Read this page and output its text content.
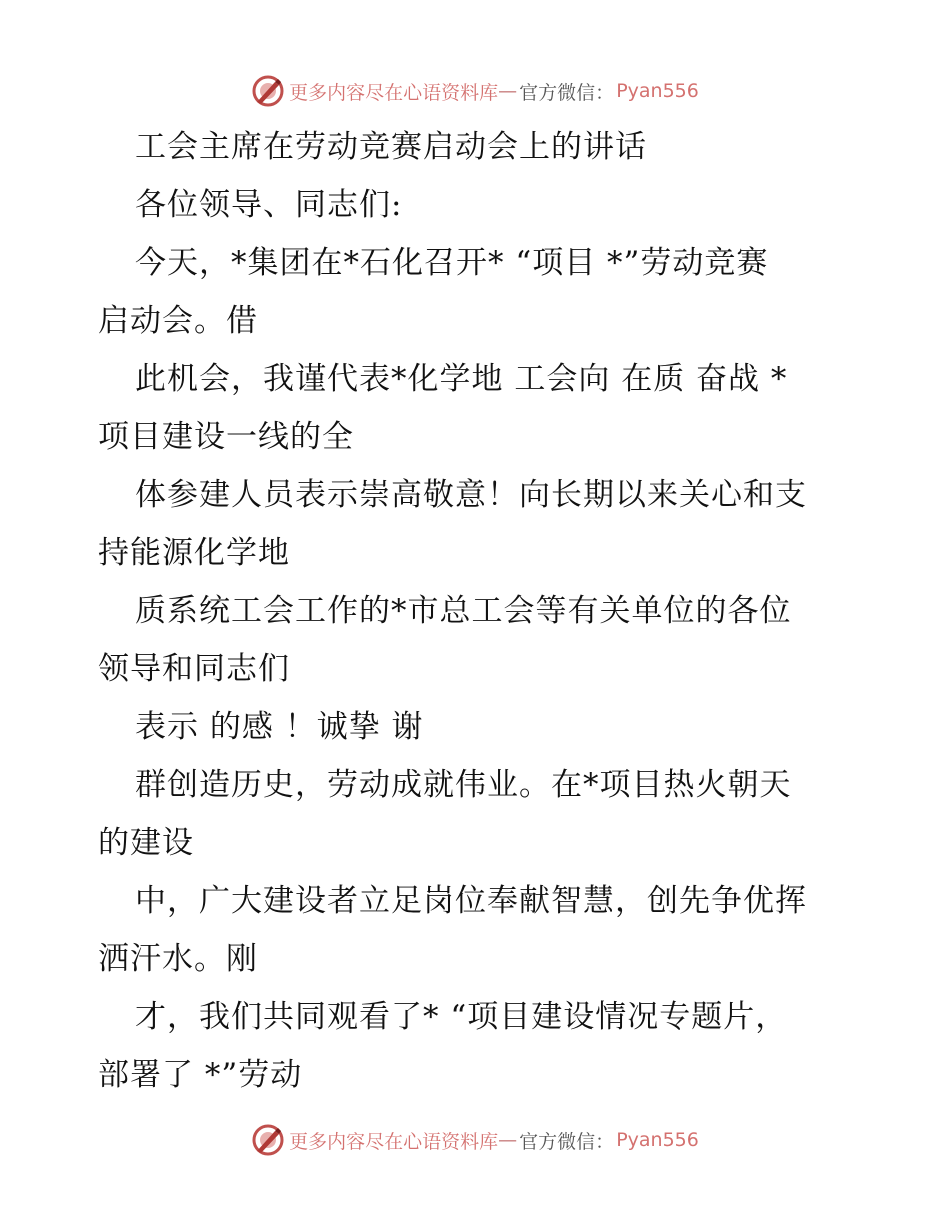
更多内容尽在心语资料库 — 官方微信： Pyan556
工会主席在劳动竞赛启动会上的讲话
各位领导、同志们:
今天，*集团在*石化召开* “项目 *”劳动竞赛
启动会。借
此机会，我谨代表*化学地 工会向 在质 奋战 *
项目建设一线的全
体参建人员表示崇高敬意！向长期以来关心和支
持能源化学地
质系统工会工作的*市总工会等有关单位的各位
领导和同志们
表示 的感 ！诚挚 谢
群创造历史，劳动成就伟业。在*项目热火朝天
的建设
中，广大建设者立足岗位奉献智慧，创先争优挥
洒汗水。刚
才，我们共同观看了* “项目建设情况专题片，
部署了 *”劳动
更多内容尽在心语资料库 — 官方微信： Pyan556
